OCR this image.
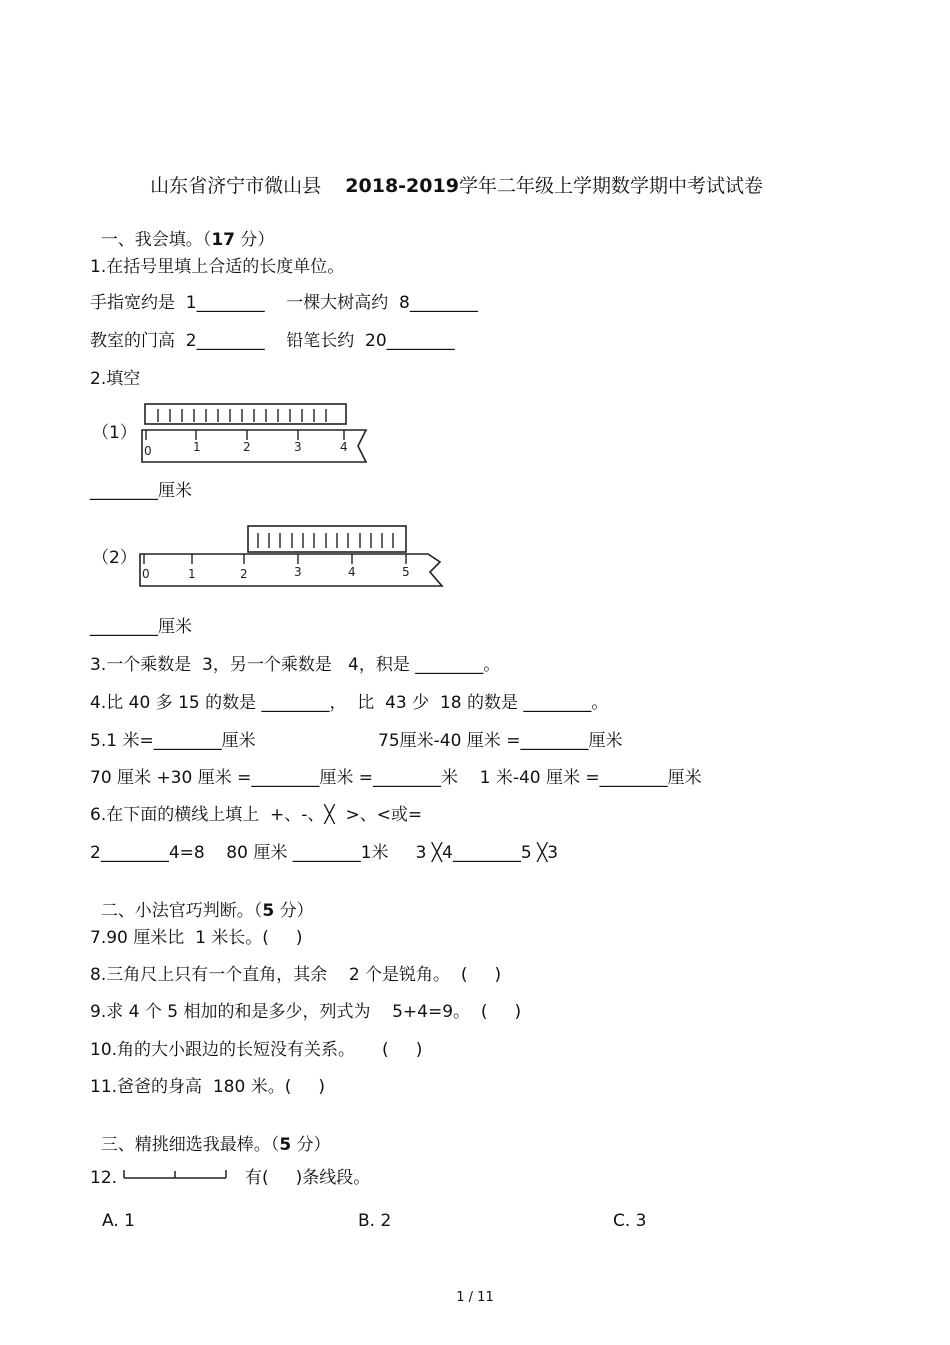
山东省济宁市微山县 2018-2019学年二年级上学期数学期中考试试卷

一、我会填。（17 分）

1.在括号里填上合适的长度单位。
手指宽约是  1________    一棵大树高约  8________
教室的门高  2________    铅笔长约  20________
2.填空
（1）
0	1	2	3	4
________厘米
（2）
0	1	2	3	4	5
________厘米
3.一个乘数是  3，另一个乘数是   4，积是 ________。
4.比 40 多 15 的数是 ________，  比  43 少  18 的数是 ________。
5.1 米=________厘米	75厘米-40 厘米 =________厘米
70 厘米 +30 厘米 =________厘米 =________米    1 米-40 厘米 =________厘米
6.在下面的横线上填上  +、-、╳  >、<或=
2________4=8    80 厘米 ________1米     3 ╳4________5 ╳3

二、小法官巧判断。（5 分）

7.90 厘米比  1 米长。(     )
8.三角尺上只有一个直角，其余    2 个是锐角。  (     )
9.求 4 个 5 相加的和是多少，列式为    5+4=9。  (     )
10.角的大小跟边的长短没有关系。     (     )
11.爸爸的身高  180 米。(     )

三、精挑细选我最棒。（5 分）

12.	有(     )条线段。
A. 1	B. 2	C. 3
1 / 11
